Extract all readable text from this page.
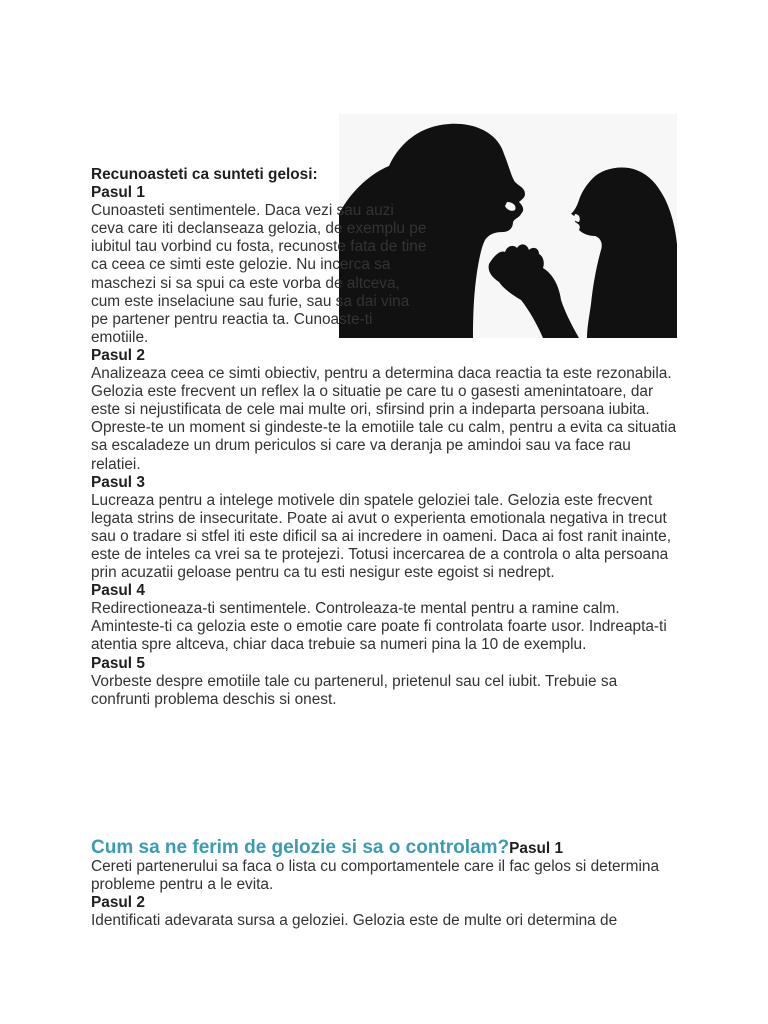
Recunoasteti ca sunteti gelosi:
Pasul 1
Cunoasteti sentimentele. Daca vezi sau auzi ceva care iti declanseaza gelozia, de exemplu pe iubitul tau vorbind cu fosta, recunoste fata de tine ca ceea ce simti este gelozie. Nu incerca sa maschezi si sa spui ca este vorba de altceva, cum este inselaciune sau furie, sau sa dai vina pe partener pentru reactia ta. Cunoaste-ti emotiile.
Pasul 2
Analizeaza ceea ce simti obiectiv, pentru a determina daca reactia ta este rezonabila. Gelozia este frecvent un reflex la o situatie pe care tu o gasesti amenintatoare, dar este si nejustificata de cele mai multe ori, sfirsind prin a indeparta persoana iubita. Opreste-te un moment si gindeste-te la emotiile tale cu calm, pentru a evita ca situatia sa escaladeze un drum periculos si care va deranja pe amindoi sau va face rau relatiei.
Pasul 3
Lucreaza pentru a intelege motivele din spatele geloziei tale. Gelozia este frecvent legata strins de insecuritate. Poate ai avut o experienta emotionala negativa in trecut sau o tradare si stfel iti este dificil sa ai incredere in oameni. Daca ai fost ranit inainte, este de inteles ca vrei sa te protejezi. Totusi incercarea de a controla o alta persoana prin acuzatii geloase pentru ca tu esti nesigur este egoist si nedrept.
Pasul 4
Redirectioneaza-ti sentimentele. Controleaza-te mental pentru a ramine calm. Aminteste-ti ca gelozia este o emotie care poate fi controlata foarte usor. Indreapta-ti atentia spre altceva, chiar daca trebuie sa numeri pina la 10 de exemplu.
Pasul 5
Vorbeste despre emotiile tale cu partenerul, prietenul sau cel iubit. Trebuie sa confrunti problema deschis si onest.
Cum sa ne ferim de gelozie si sa o controlam?Pasul 1
Cereti partenerului sa faca o lista cu comportamentele care il fac gelos si determina probleme pentru a le evita.
Pasul 2
Identificati adevarata sursa a geloziei. Gelozia este de multe ori determina de
